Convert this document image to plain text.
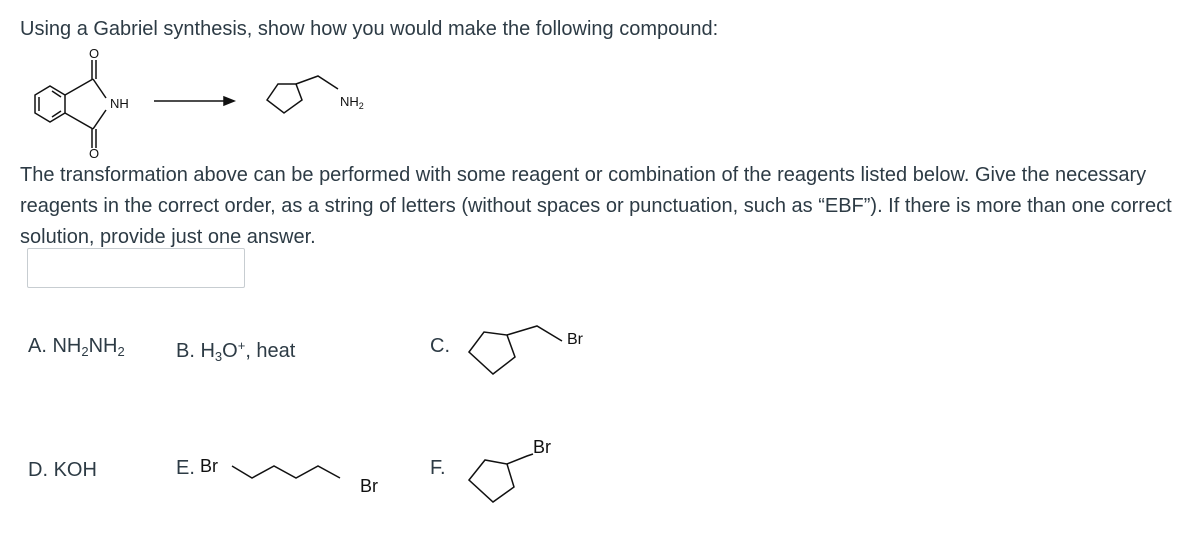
Using a Gabriel synthesis, show how you would make the following compound:
O
O
NH	$NH_2$
The transformation above can be performed with some reagent or combination of the reagents listed below. Give the necessary reagents in the correct order, as a string of letters (without spaces or punctuation, such as “EBF”). If there is more than one correct solution, provide just one answer.
A. $NH_2NH_2$	B. $H_3O^+$, heat	C.	Br
D. KOH	E. Br
Br
F.
Br
